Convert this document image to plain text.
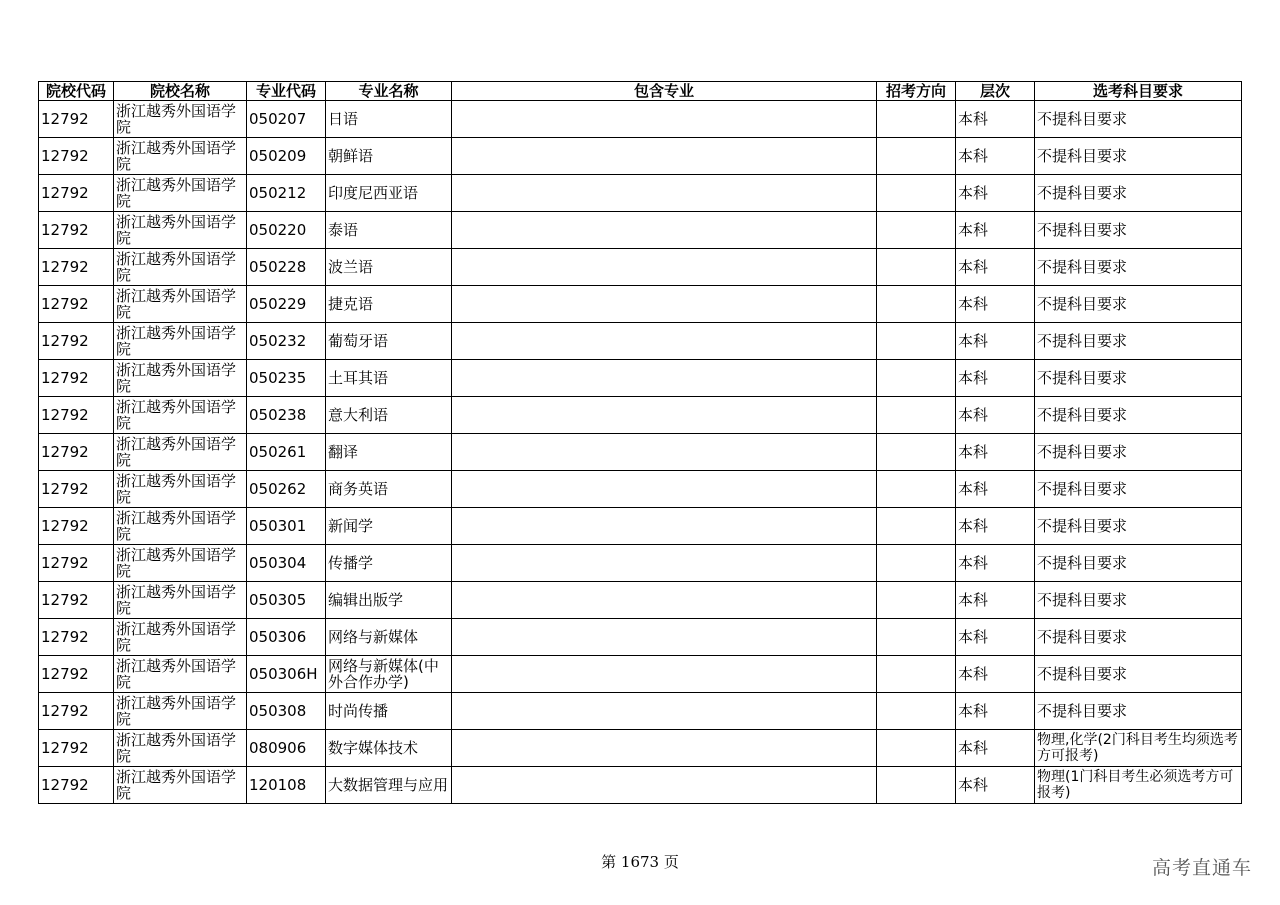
院校代码	院校名称	专业代码	专业名称	包含专业	招考方向	层次	选考科目要求
12792	浙江越秀外国语学院	050207	日语			本科	不提科目要求
12792	浙江越秀外国语学院	050209	朝鲜语			本科	不提科目要求
12792	浙江越秀外国语学院	050212	印度尼西亚语			本科	不提科目要求
12792	浙江越秀外国语学院	050220	泰语			本科	不提科目要求
12792	浙江越秀外国语学院	050228	波兰语			本科	不提科目要求
12792	浙江越秀外国语学院	050229	捷克语			本科	不提科目要求
12792	浙江越秀外国语学院	050232	葡萄牙语			本科	不提科目要求
12792	浙江越秀外国语学院	050235	土耳其语			本科	不提科目要求
12792	浙江越秀外国语学院	050238	意大利语			本科	不提科目要求
12792	浙江越秀外国语学院	050261	翻译			本科	不提科目要求
12792	浙江越秀外国语学院	050262	商务英语			本科	不提科目要求
12792	浙江越秀外国语学院	050301	新闻学			本科	不提科目要求
12792	浙江越秀外国语学院	050304	传播学			本科	不提科目要求
12792	浙江越秀外国语学院	050305	编辑出版学			本科	不提科目要求
12792	浙江越秀外国语学院	050306	网络与新媒体			本科	不提科目要求
12792	浙江越秀外国语学院	050306H	网络与新媒体(中外合作办学)			本科	不提科目要求
12792	浙江越秀外国语学院	050308	时尚传播			本科	不提科目要求
12792	浙江越秀外国语学院	080906	数字媒体技术			本科	物理,化学(2门科目考生均须选考方可报考)
12792	浙江越秀外国语学院	120108	大数据管理与应用			本科	物理(1门科目考生必须选考方可报考)
第 1673 页	高考直通车
